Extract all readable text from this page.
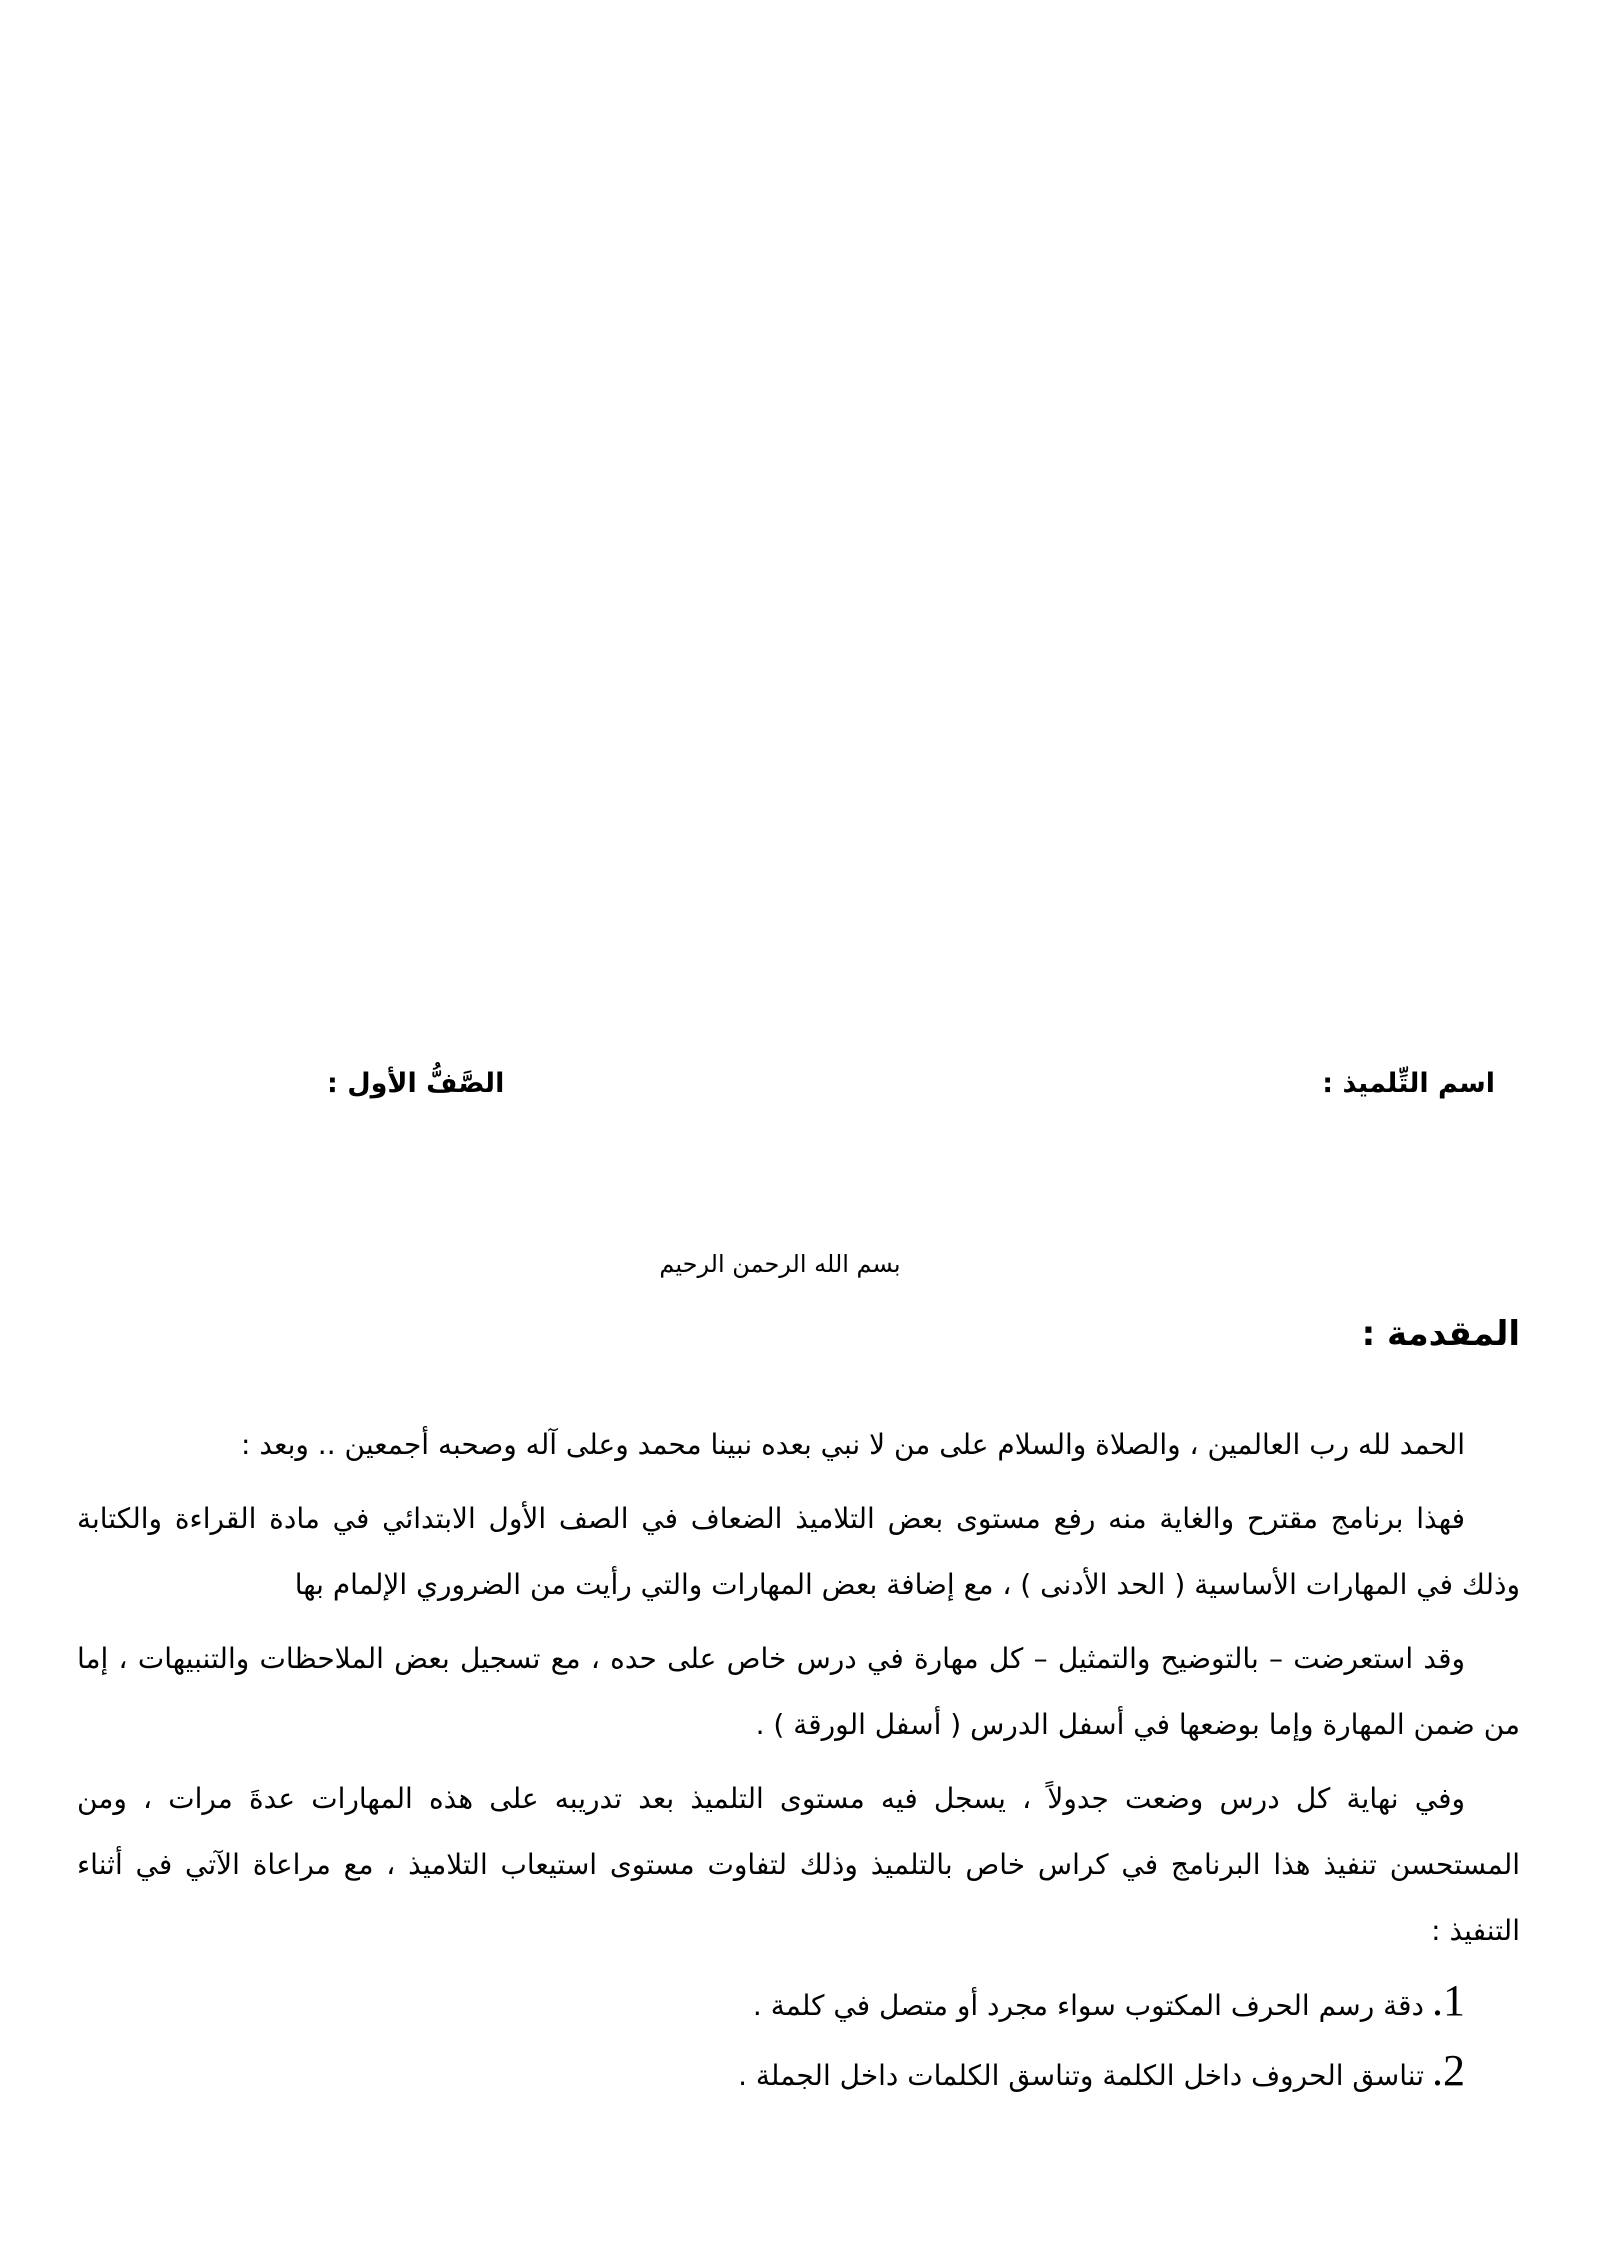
اسم التِّلميذ :
الصَّفُّ الأول :
بسم الله الرحمن الرحيم
المقدمة :

الحمد لله رب العالمين ، والصلاة والسلام على من لا نبي بعده نبينا محمد وعلى آله وصحبه أجمعين .. وبعد :

فهذا برنامج مقترح والغاية منه رفع مستوى بعض التلاميذ الضعاف في الصف الأول الابتدائي في مادة القراءة والكتابة وذلك في المهارات الأساسية ( الحد الأدنى ) ، مع إضافة بعض المهارات والتي رأيت من الضروري الإلمام بها

وقد استعرضت – بالتوضيح والتمثيل – كل مهارة في درس خاص على حده ، مع تسجيل بعض الملاحظات والتنبيهات ، إما من ضمن المهارة وإما بوضعها في أسفل الدرس ( أسفل الورقة ) .

وفي نهاية كل درس وضعت جدولاً ، يسجل فيه مستوى التلميذ بعد تدريبه على هذه المهارات عدةَ مرات ، ومن المستحسن تنفيذ هذا البرنامج في كراس خاص بالتلميذ وذلك لتفاوت مستوى استيعاب التلاميذ ، مع مراعاة الآتي في أثناء التنفيذ :

1.دقة رسم الحرف المكتوب سواء مجرد أو متصل في كلمة .
2.تناسق الحروف داخل الكلمة وتناسق الكلمات داخل الجملة .
